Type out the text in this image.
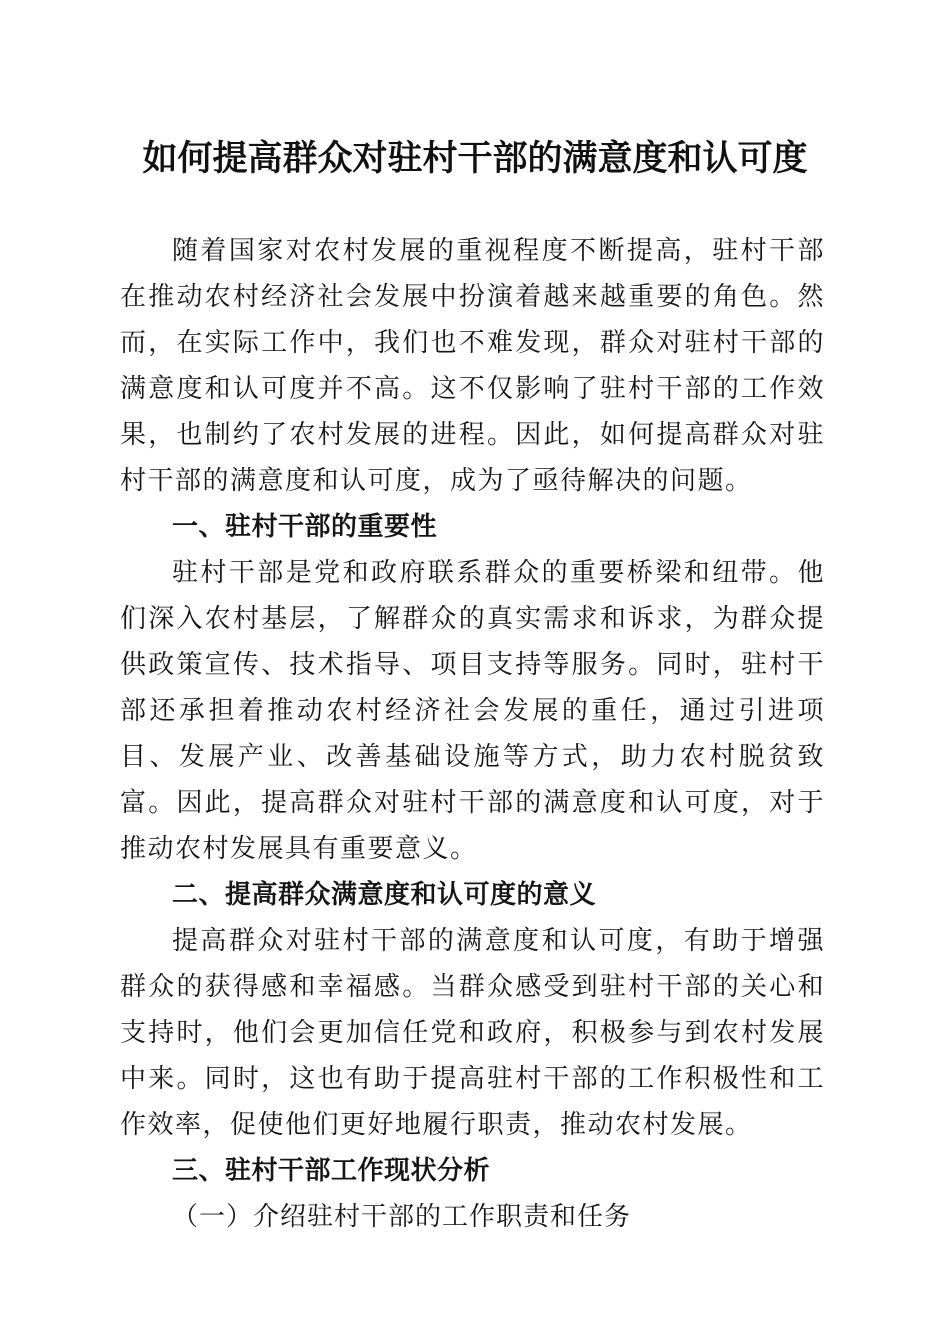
如何提高群众对驻村干部的满意度和认可度

随着国家对农村发展的重视程度不断提高，驻村干部在推动农村经济社会发展中扮演着越来越重要的角色。然而，在实际工作中，我们也不难发现，群众对驻村干部的满意度和认可度并不高。这不仅影响了驻村干部的工作效果，也制约了农村发展的进程。因此，如何提高群众对驻村干部的满意度和认可度，成为了亟待解决的问题。

一、驻村干部的重要性

驻村干部是党和政府联系群众的重要桥梁和纽带。他们深入农村基层，了解群众的真实需求和诉求，为群众提供政策宣传、技术指导、项目支持等服务。同时，驻村干部还承担着推动农村经济社会发展的重任，通过引进项目、发展产业、改善基础设施等方式，助力农村脱贫致富。因此，提高群众对驻村干部的满意度和认可度，对于推动农村发展具有重要意义。

二、提高群众满意度和认可度的意义

提高群众对驻村干部的满意度和认可度，有助于增强群众的获得感和幸福感。当群众感受到驻村干部的关心和支持时，他们会更加信任党和政府，积极参与到农村发展中来。同时，这也有助于提高驻村干部的工作积极性和工作效率，促使他们更好地履行职责，推动农村发展。

三、驻村干部工作现状分析

（一）介绍驻村干部的工作职责和任务
